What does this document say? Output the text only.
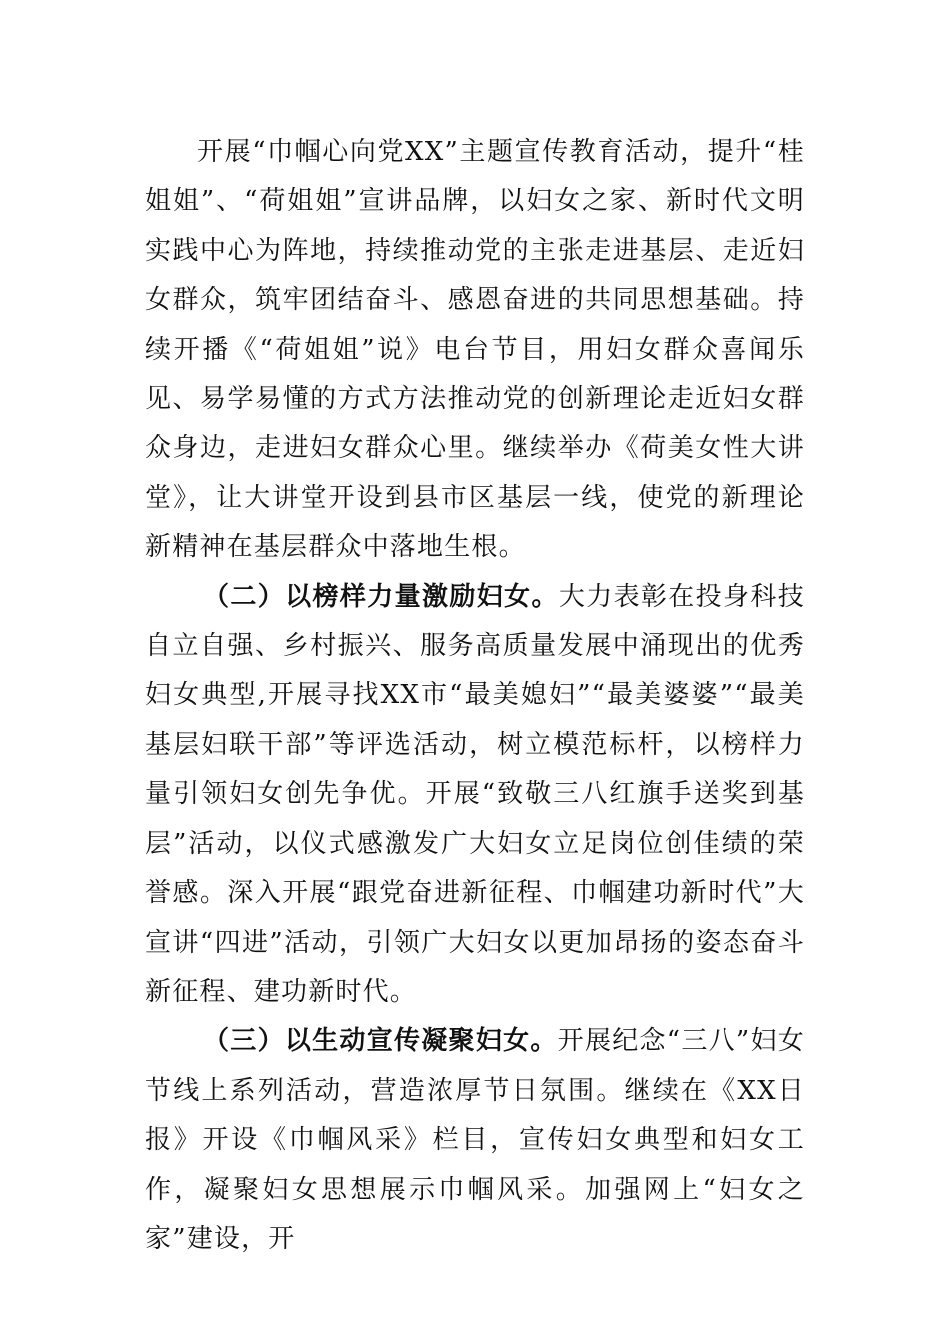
开展“巾帼心向党XX”主题宣传教育活动，提升“桂姐姐”、“荷姐姐”宣讲品牌，以妇女之家、新时代文明实践中心为阵地，持续推动党的主张走进基层、走近妇女群众，筑牢团结奋斗、感恩奋进的共同思想基础。持续开播《“荷姐姐”说》电台节目，用妇女群众喜闻乐见、易学易懂的方式方法推动党的创新理论走近妇女群众身边，走进妇女群众心里。继续举办《荷美女性大讲堂》，让大讲堂开设到县市区基层一线，使党的新理论新精神在基层群众中落地生根。

（二）以榜样力量激励妇女。大力表彰在投身科技自立自强、乡村振兴、服务高质量发展中涌现出的优秀妇女典型,开展寻找XX市“最美媳妇”“最美婆婆”“最美基层妇联干部”等评选活动，树立模范标杆，以榜样力量引领妇女创先争优。开展“致敬三八红旗手送奖到基层”活动，以仪式感激发广大妇女立足岗位创佳绩的荣誉感。深入开展“跟党奋进新征程、巾帼建功新时代”大宣讲“四进”活动，引领广大妇女以更加昂扬的姿态奋斗新征程、建功新时代。

（三）以生动宣传凝聚妇女。开展纪念“三八”妇女节线上系列活动，营造浓厚节日氛围。继续在《XX日报》开设《巾帼风采》栏目，宣传妇女典型和妇女工作，凝聚妇女思想展示巾帼风采。加强网上“妇女之家”建设，开
